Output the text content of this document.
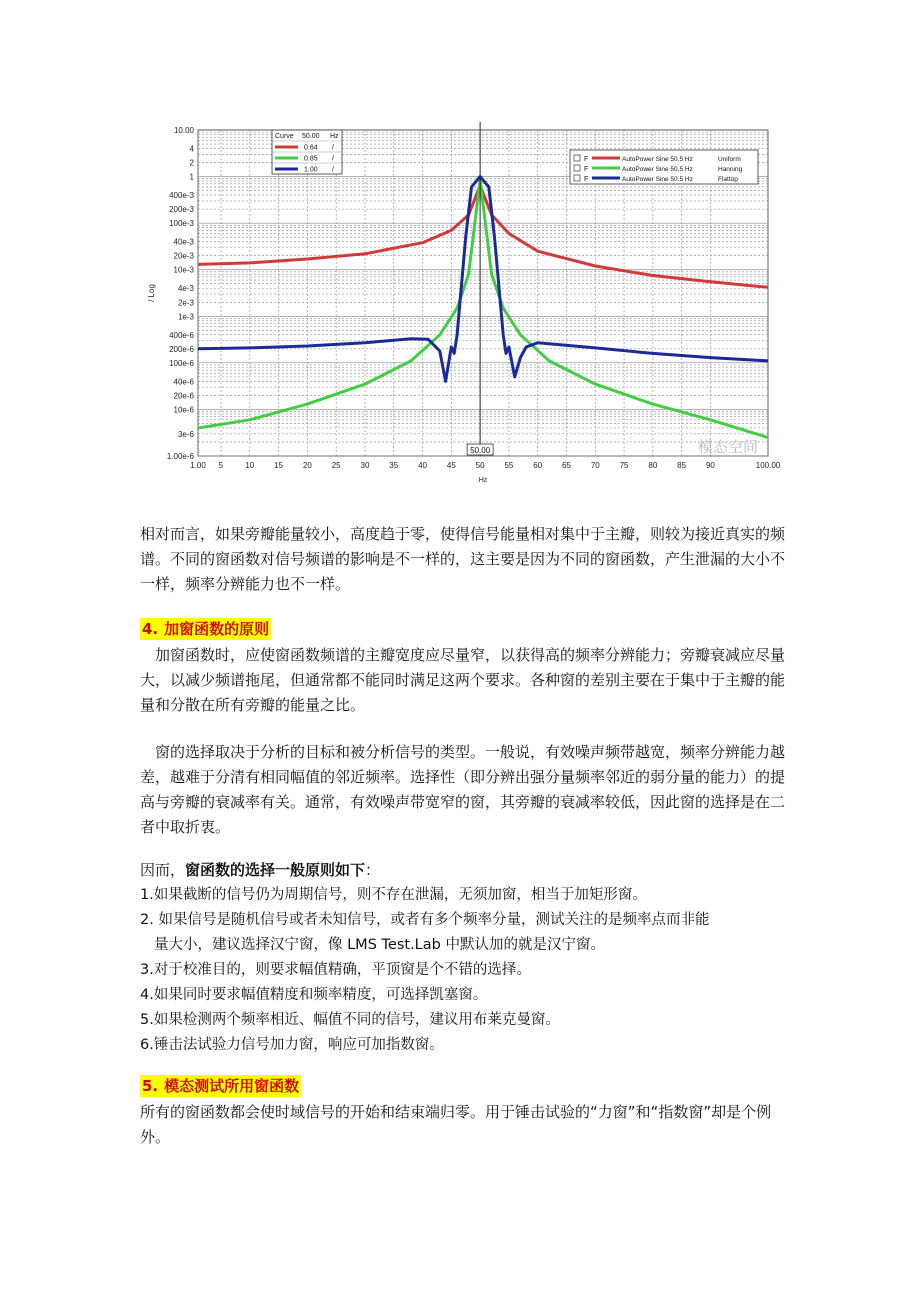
10.00
4
2
1
400e-3
200e-3
100e-3
40e-3
20e-3
10e-3
4e-3
2e-3
1e-3
400e-6
200e-6
100e-6
40e-6
20e-6
10e-6
3e-6
1.00e-6
1.00 5	10 15 20 25 30 35 40 45 50 55 60 65 70 75 80 85 90	100.00
Hz
/ Log
50.00
Curve 50.00 Hz
0.64 /
0.85 /
1.00 /
F	AutoPower Sine 50.5 Hz	Uniform
F	AutoPower Sine 50.5 Hz	Hanning
F	AutoPower Sine 50.5 Hz	Flattop
模态空间

相对而言，如果旁瓣能量较小，高度趋于零，使得信号能量相对集中于主瓣，则较为接近真实的频谱。不同的窗函数对信号频谱的影响是不一样的，这主要是因为不同的窗函数，产生泄漏的大小不一样，频率分辨能力也不一样。

4. 加窗函数的原则

　加窗函数时，应使窗函数频谱的主瓣宽度应尽量窄，以获得高的频率分辨能力；旁瓣衰减应尽量大，以减少频谱拖尾，但通常都不能同时满足这两个要求。各种窗的差别主要在于集中于主瓣的能量和分散在所有旁瓣的能量之比。

　窗的选择取决于分析的目标和被分析信号的类型。一般说，有效噪声频带越宽，频率分辨能力越差，越难于分清有相同幅值的邻近频率。选择性（即分辨出强分量频率邻近的弱分量的能力）的提高与旁瓣的衰减率有关。通常，有效噪声带宽窄的窗，其旁瓣的衰减率较低，因此窗的选择是在二者中取折衷。

因而，窗函数的选择一般原则如下：

1.如果截断的信号仍为周期信号，则不存在泄漏，无须加窗，相当于加矩形窗。
2. 如果信号是随机信号或者未知信号，或者有多个频率分量，测试关注的是频率点而非能
量大小，建议选择汉宁窗，像 LMS Test.Lab 中默认加的就是汉宁窗。
3.对于校准目的，则要求幅值精确，平顶窗是个不错的选择。
4.如果同时要求幅值精度和频率精度，可选择凯塞窗。
5.如果检测两个频率相近、幅值不同的信号，建议用布莱克曼窗。
6.锤击法试验力信号加力窗，响应可加指数窗。
5. 模态测试所用窗函数

所有的窗函数都会使时域信号的开始和结束端归零。用于锤击试验的“力窗”和“指数窗”却是个例外。
